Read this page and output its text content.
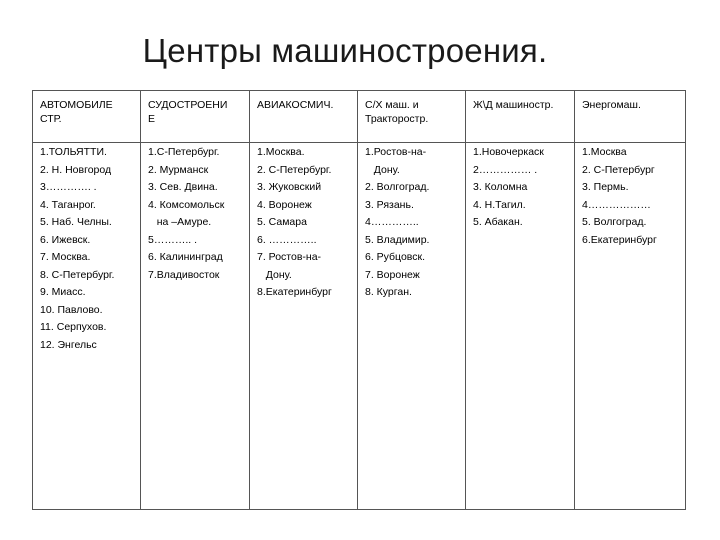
Центры машиностроения.
АВТОМОБИЛЕ
СТР.
СУДОСТРОЕНИ
Е
АВИАКОСМИЧ.	С/Х маш. и
Тракторостр.
Ж\Д машиностр.	Энергомаш.
1.ТОЛЬЯТТИ.
2. Н. Новгород
3…………. .
4. Таганрог.
5. Наб. Челны.
6. Ижевск.
7. Москва.
8. С-Петербург.
9. Миасс.
10. Павлово.
11. Серпухов.
12. Энгельс
1.С-Петербург.
2. Мурманск
3. Сев. Двина.
4. Комсомольск
на –Амуре.
5……….. .
6. Калининград
7.Владивосток
1.Москва.
2. С-Петербург.
3. Жуковский
4. Воронеж
5. Самара
6. …………..
7. Ростов-на-
Дону.
8.Екатеринбург
1.Ростов-на-
Дону.
2. Волгоград.
3. Рязань.
4…………..
5. Владимир.
6. Рубцовск.
7. Воронеж
8. Курган.
1.Новочеркаск
2…………… .
3. Коломна
4. Н.Тагил.
5. Абакан.
1.Москва
2. С-Петербург
3. Пермь.
4………………
5. Волгоград.
6.Екатеринбург
